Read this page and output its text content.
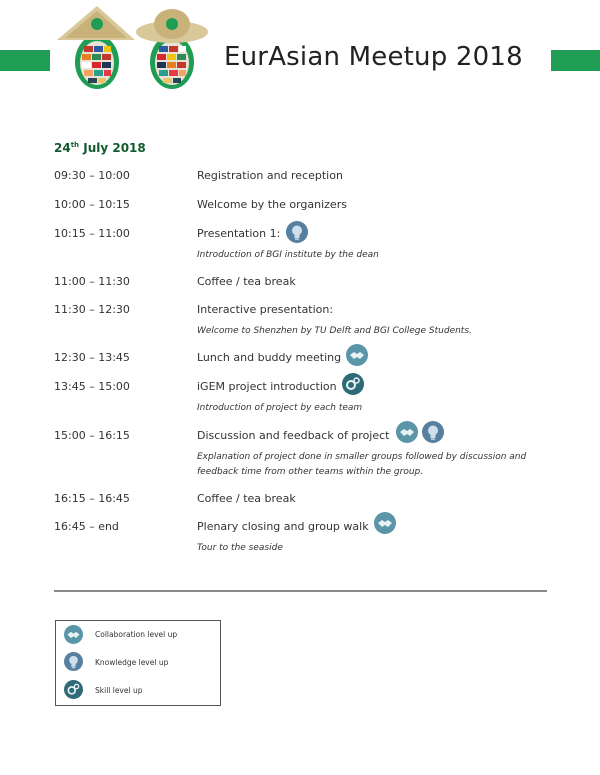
EurAsian Meetup 2018
24th July 2018
09:30 – 10:00	Registration and reception
10:00 – 10:15	Welcome by the organizers
10:15 – 11:00	Presentation 1:
Introduction of BGI institute by the dean
11:00 – 11:30	Coffee / tea break
11:30 – 12:30	Interactive presentation:
Welcome to Shenzhen by TU Delft and BGI College Students.
12:30 – 13:45	Lunch and buddy meeting
13:45 – 15:00	iGEM project introduction
Introduction of project by each team
15:00 – 16:15	Discussion and feedback of project
Explanation of project done in smaller groups followed by discussion and
feedback time from other teams within the group.
16:15 – 16:45	Coffee / tea break
16:45 – end	Plenary closing and group walk
Tour to the seaside
Collaboration level up
Knowledge level up
Skill level up
